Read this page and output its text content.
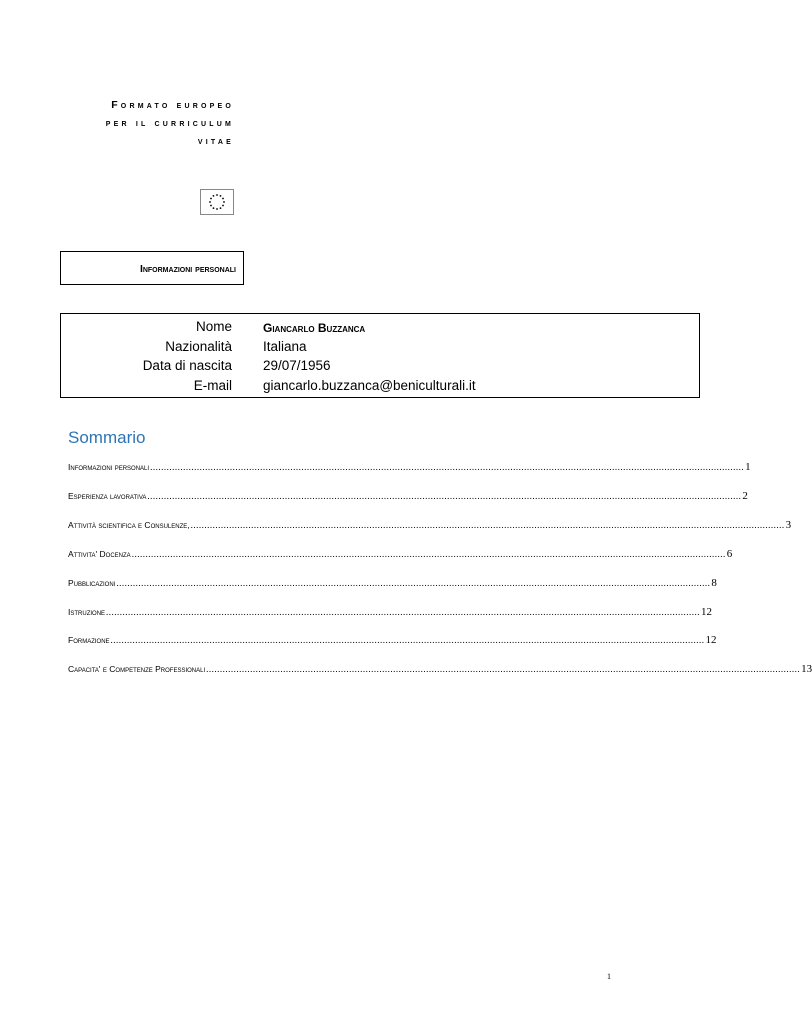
Formato europeo
per il curriculum
vitae
Informazioni personali
Nome	Giancarlo Buzzanca
Nazionalità Italiana
Data di nascita 29/07/1956
E-mail giancarlo.buzzanca@beniculturali.it
Sommario
Informazioni personali ........................................................................................................................................................................................................................ 1
Esperienza lavorativa ........................................................................................................................................................................................................................ 2
Attività scientifica e Consulenze, ........................................................................................................................................................................................................................ 3
Attivita' Docenza ........................................................................................................................................................................................................................ 6
Pubblicazioni ........................................................................................................................................................................................................................ 8
Istruzione ........................................................................................................................................................................................................................ 12
Formazione ........................................................................................................................................................................................................................ 12
Capacita' e Competenze Professionali ........................................................................................................................................................................................................................ 13
1
